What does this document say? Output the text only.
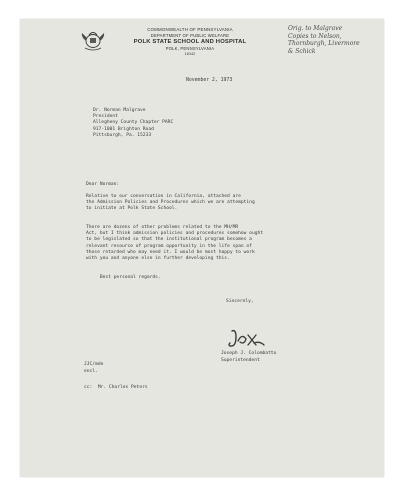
COMMONWEALTH OF PENNSYLVANIA
DEPARTMENT OF PUBLIC WELFARE
POLK STATE SCHOOL AND HOSPITAL
POLK, PENNSYLVANIA
16342
Orig. to Malgrave
Copies to Nelson,
Thornburgh, Livermore
& Schick
November 2, 1973
Dr. Norman Malgrave
President
Allegheny County Chapter PARC
917-1001 Brighton Road
Pittsburgh, Pa. 15233
Dear Norman:
Relative to our conversation in California, attached are
the Admission Policies and Procedures which we are attempting
to initiate at Polk State School.
There are dozens of other problems related to the MH/MR
Act, but I think admission policies and procedures somehow ought
to be legislated so that the institutional program becomes a
relevant resource of program opportunity in the life span of
those retarded who may need it. I would be most happy to work
with you and anyone else in further developing this.
Best personal regards.
Sincerely,
Joseph J. Colombatto
Superintendent
JJC/mde
encl.
cc:  Mr. Charles Peters
